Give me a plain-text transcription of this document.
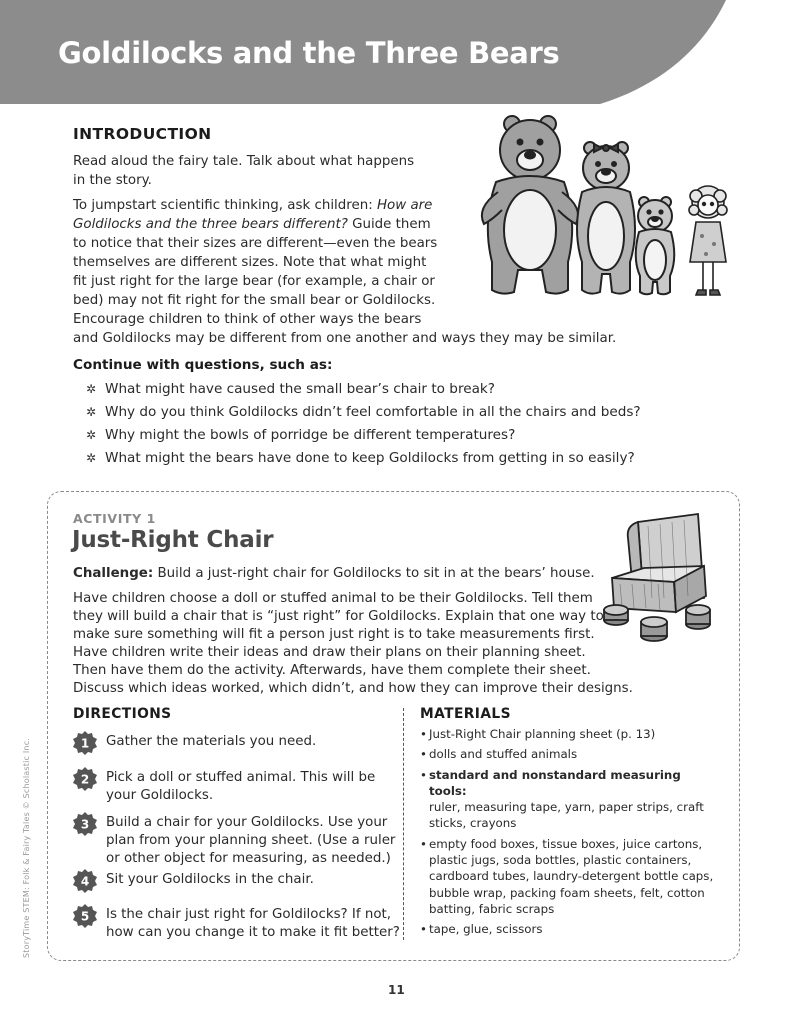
Goldilocks and the Three Bears
INTRODUCTION

Read aloud the fairy tale. Talk about what happens
in the story.

To jumpstart scientific thinking, ask children: How are
Goldilocks and the three bears different? Guide them
to notice that their sizes are different—even the bears
themselves are different sizes. Note that what might
fit just right for the large bear (for example, a chair or
bed) may not fit right for the small bear or Goldilocks.
Encourage children to think of other ways the bears
and Goldilocks may be different from one another and ways they may be similar.

Continue with questions, such as:
✲ What might have caused the small bear’s chair to break?
✲ Why do you think Goldilocks didn’t feel comfortable in all the chairs and beds?
✲ Why might the bowls of porridge be different temperatures?
✲ What might the bears have done to keep Goldilocks from getting in so easily?
ACTIVITY 1
Just-Right Chair

Challenge: Build a just-right chair for Goldilocks to sit in at the bears’ house.

Have children choose a doll or stuffed animal to be their Goldilocks. Tell them
they will build a chair that is “just right” for Goldilocks. Explain that one way to
make sure something will fit a person just right is to take measurements first.
Have children write their ideas and draw their plans on their planning sheet.
Then have them do the activity. Afterwards, have them complete their sheet.
Discuss which ideas worked, which didn’t, and how they can improve their designs.

DIRECTIONS
1 Gather the materials you need.
2 Pick a doll or stuffed animal. This will be
your Goldilocks.
3 Build a chair for your Goldilocks. Use your
plan from your planning sheet. (Use a ruler
or other object for measuring, as needed.)
4 Sit your Goldilocks in the chair.
5 Is the chair just right for Goldilocks? If not,
how can you change it to make it fit better?
MATERIALS
• Just-Right Chair planning sheet (p. 13)
• dolls and stuffed animals
• standard and nonstandard measuring tools:
ruler, measuring tape, yarn, paper strips, craft sticks, crayons
• empty food boxes, tissue boxes, juice cartons, plastic jugs, soda bottles, plastic containers, cardboard tubes, laundry-detergent bottle caps, bubble wrap, packing foam sheets, felt, cotton batting, fabric scraps
• tape, glue, scissors
StoryTime STEM: Folk & Fairy Tales © Scholastic Inc.
11
